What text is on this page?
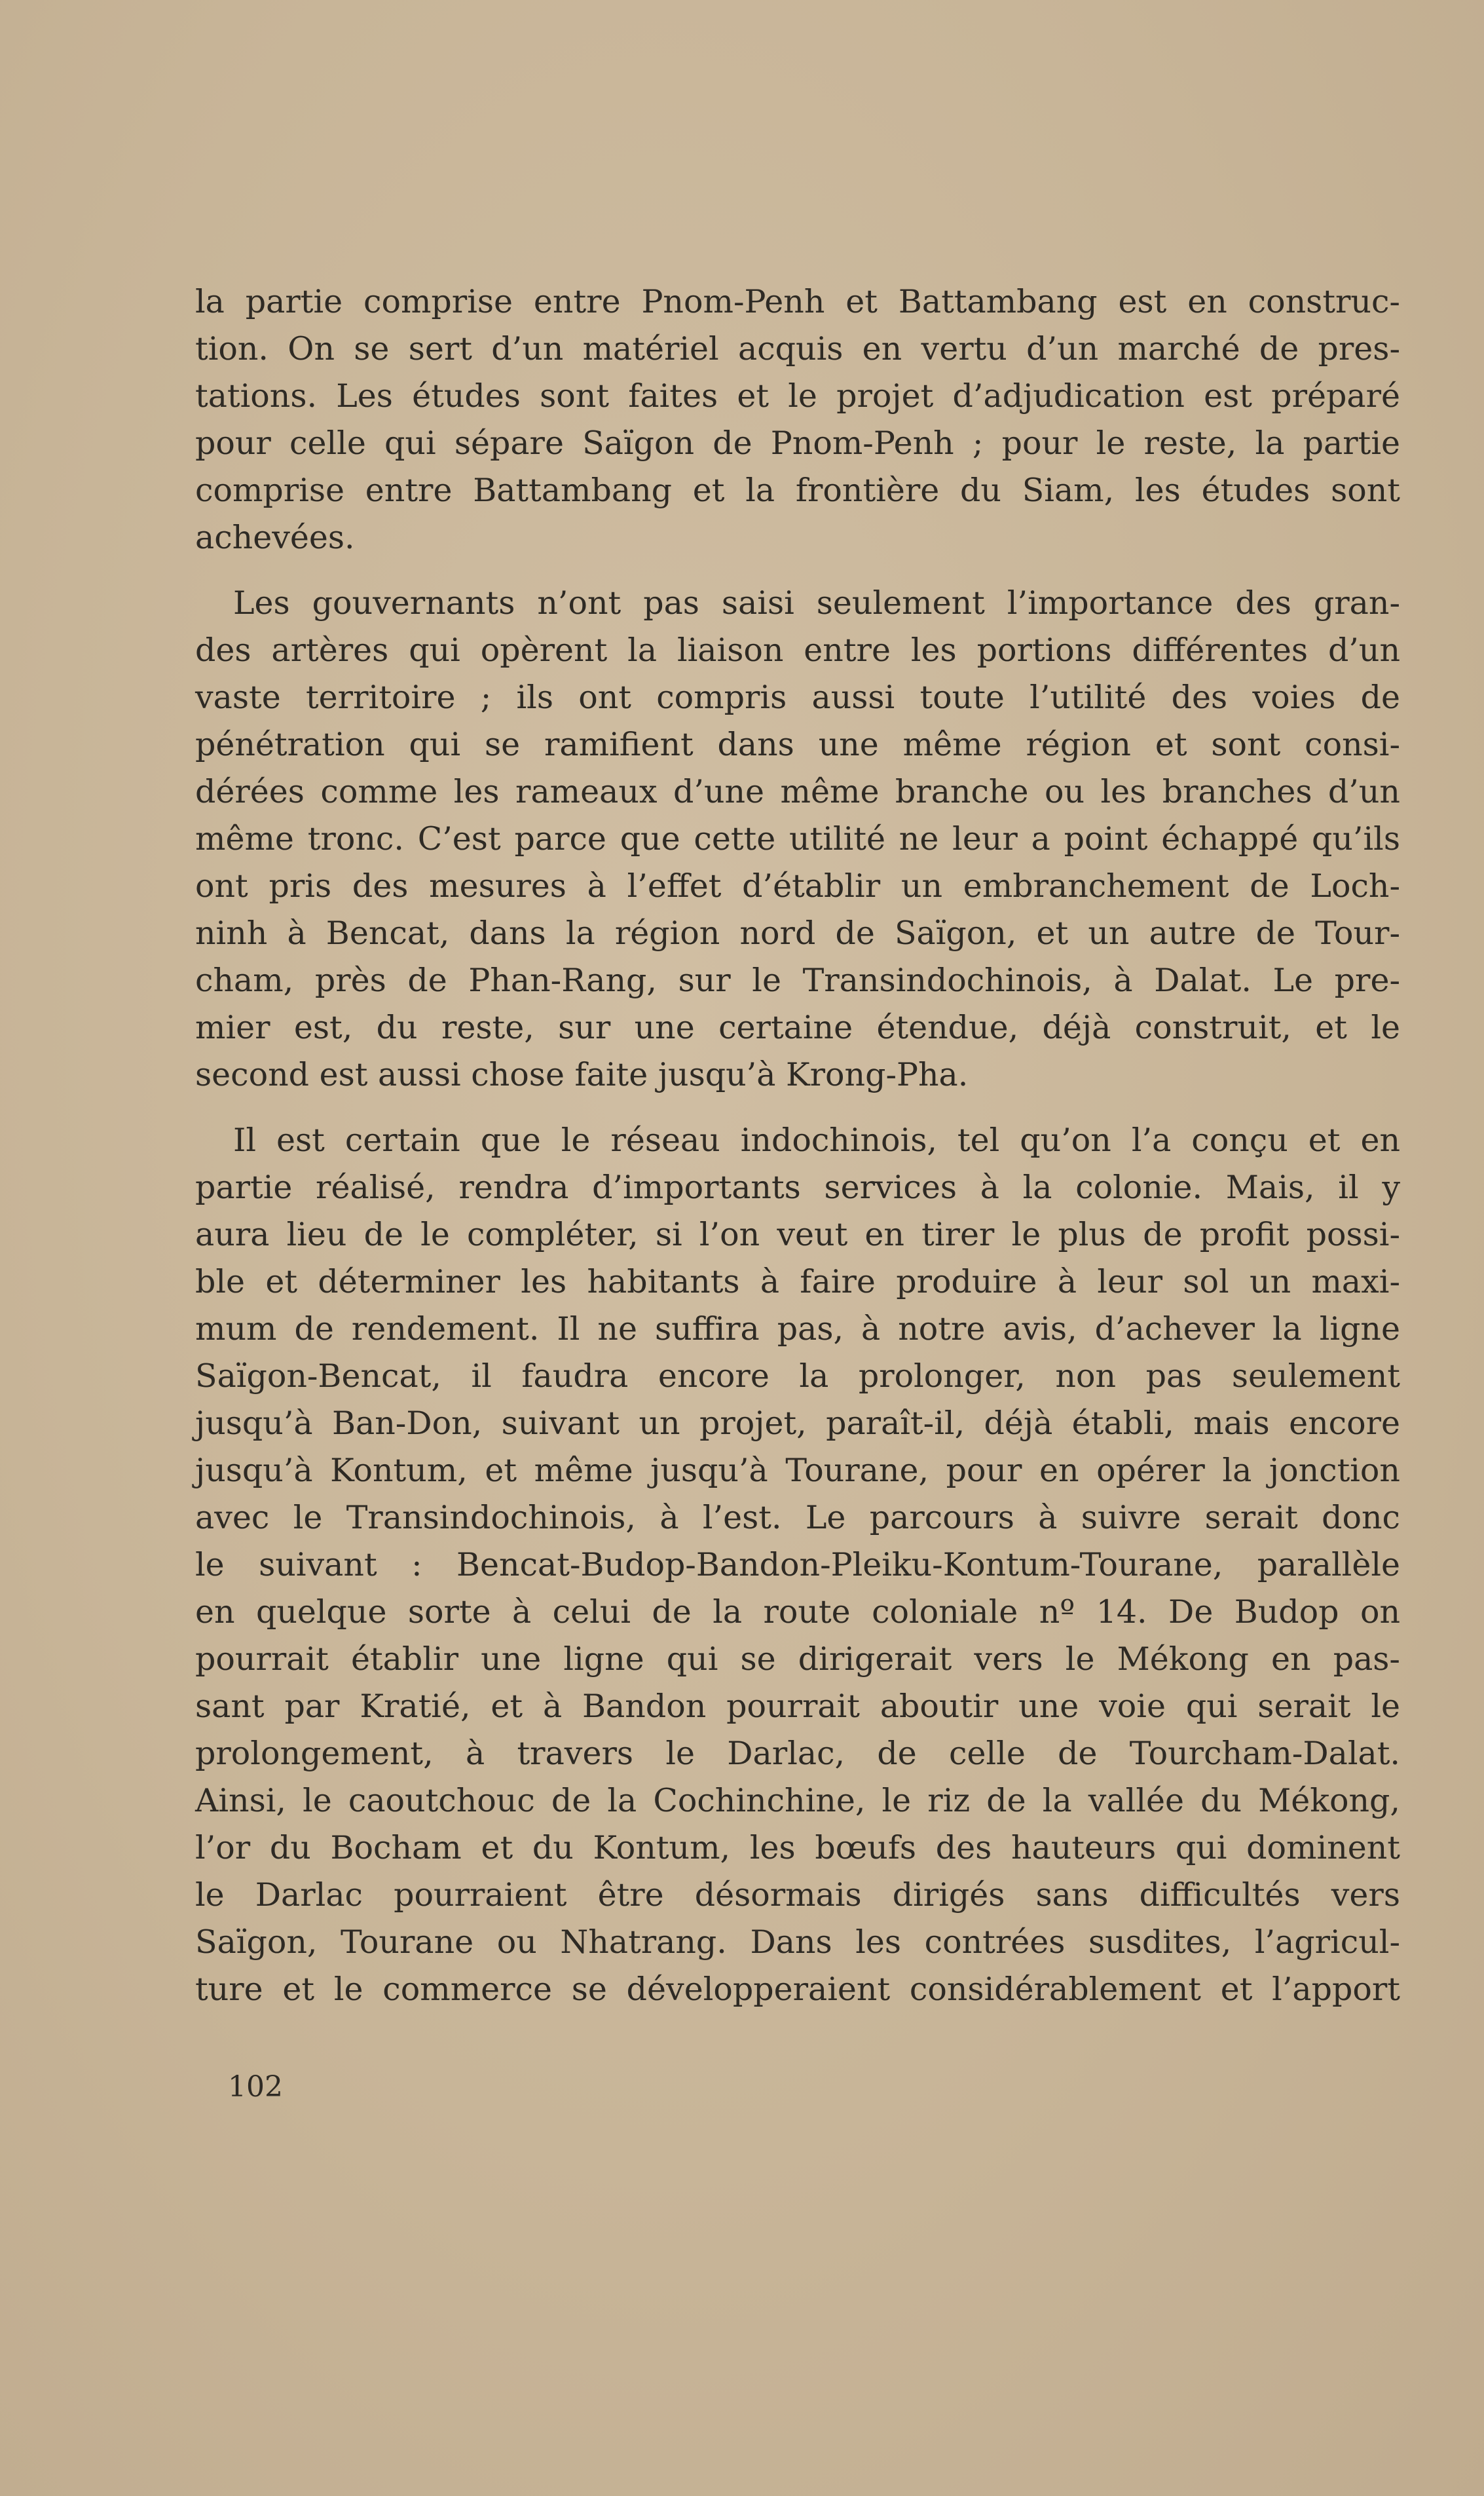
la partie comprise entre Pnom-Penh et Battambang est en construc-
tion. On se sert d’un matériel acquis en vertu d’un marché de pres-
tations. Les études sont faites et le projet d’adjudication est préparé
pour celle qui sépare Saïgon de Pnom-Penh ; pour le reste, la partie
comprise entre Battambang et la frontière du Siam, les études sont
achevées.
Les gouvernants n’ont pas saisi seulement l’importance des gran-
des artères qui opèrent la liaison entre les portions différentes d’un
vaste territoire ; ils ont compris aussi toute l’utilité des voies de
pénétration qui se ramifient dans une même région et sont consi-
dérées comme les rameaux d’une même branche ou les branches d’un
même tronc. C’est parce que cette utilité ne leur a point échappé qu’ils
ont pris des mesures à l’effet d’établir un embranchement de Loch-
ninh à Bencat, dans la région nord de Saïgon, et un autre de Tour-
cham, près de Phan-Rang, sur le Transindochinois, à Dalat. Le pre-
mier est, du reste, sur une certaine étendue, déjà construit, et le
second est aussi chose faite jusqu’à Krong-Pha.
Il est certain que le réseau indochinois, tel qu’on l’a conçu et en
partie réalisé, rendra d’importants services à la colonie. Mais, il y
aura lieu de le compléter, si l’on veut en tirer le plus de profit possi-
ble et déterminer les habitants à faire produire à leur sol un maxi-
mum de rendement. Il ne suffira pas, à notre avis, d’achever la ligne
Saïgon-Bencat, il faudra encore la prolonger, non pas seulement
jusqu’à Ban-Don, suivant un projet, paraît-il, déjà établi, mais encore
jusqu’à Kontum, et même jusqu’à Tourane, pour en opérer la jonction
avec le Transindochinois, à l’est. Le parcours à suivre serait donc
le suivant : Bencat-Budop-Bandon-Pleiku-Kontum-Tourane, parallèle
en quelque sorte à celui de la route coloniale nº 14. De Budop on
pourrait établir une ligne qui se dirigerait vers le Mékong en pas-
sant par Kratié, et à Bandon pourrait aboutir une voie qui serait le
prolongement, à travers le Darlac, de celle de Tourcham-Dalat.
Ainsi, le caoutchouc de la Cochinchine, le riz de la vallée du Mékong,
l’or du Bocham et du Kontum, les bœufs des hauteurs qui dominent
le Darlac pourraient être désormais dirigés sans difficultés vers
Saïgon, Tourane ou Nhatrang. Dans les contrées susdites, l’agricul-
ture et le commerce se développeraient considérablement et l’apport
102
